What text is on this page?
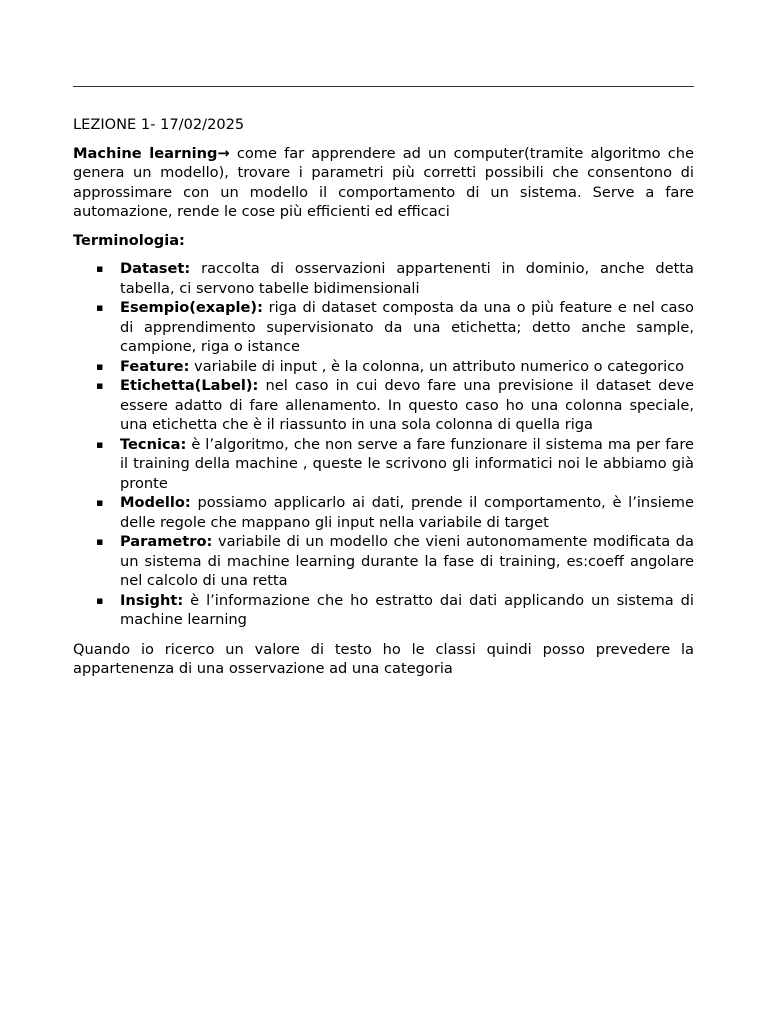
LEZIONE 1- 17/02/2025

Machine learning→ come far apprendere ad un computer(tramite algoritmo che genera un modello), trovare i parametri più corretti possibili che consentono di approssimare con un modello il comportamento di un sistema. Serve a fare automazione, rende le cose più efficienti ed efficaci

Terminologia:

▪ Dataset: raccolta di osservazioni appartenenti in dominio, anche detta tabella, ci servono tabelle bidimensionali
▪ Esempio(exaple): riga di dataset composta da una o più feature e nel caso di apprendimento supervisionato da una etichetta; detto anche sample, campione, riga o istance
▪ Feature: variabile di input , è la colonna, un attributo numerico o categorico
▪ Etichetta(Label): nel caso in cui devo fare una previsione il dataset deve essere adatto di fare allenamento. In questo caso ho una colonna speciale, una etichetta che è il riassunto in una sola colonna di quella riga
▪ Tecnica: è l’algoritmo, che non serve a fare funzionare il sistema ma per fare il training della machine , queste le scrivono gli informatici noi le abbiamo già pronte
▪ Modello: possiamo applicarlo ai dati, prende il comportamento, è l’insieme delle regole che mappano gli input nella variabile di target
▪ Parametro: variabile di un modello che vieni autonomamente modificata da un sistema di machine learning durante la fase di training, es:coeff angolare nel calcolo di una retta
▪ Insight: è l’informazione che ho estratto dai dati applicando un sistema di machine learning

Quando io ricerco un valore di testo ho le classi quindi posso prevedere la appartenenza di una osservazione ad una categoria
